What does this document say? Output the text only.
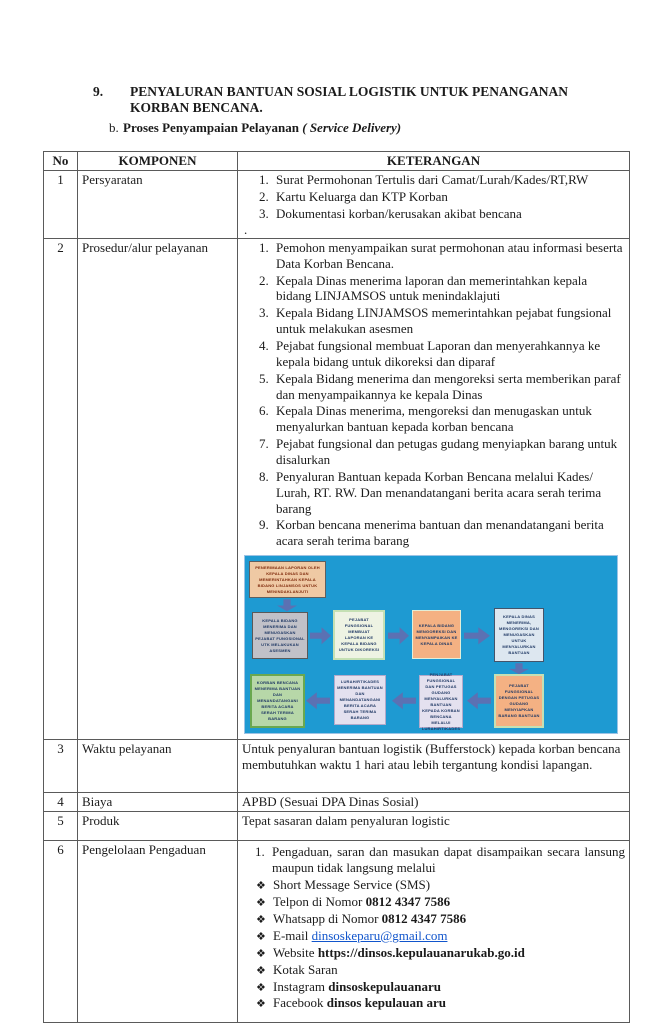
9.	PENYALURAN BANTUAN SOSIAL LOGISTIK UNTUK PENANGANAN
KORBAN BENCANA.
b. Proses Penyampaian Pelayanan ( Service Delivery)
No	KOMPONEN	KETERANGAN
1	Persyaratan	
1.Surat Permohonan Tertulis dari Camat/Lurah/Kades/RT,RW
2. Kartu Keluarga dan KTP Korban
3. Dokumentasi korban/kerusakan akibat bencana
.

2	Prosedur/alur pelayanan	
1.Pemohon menyampaikan surat permohonan atau informasi beserta Data Korban Bencana.
2. Kepala Dinas menerima laporan dan memerintahkan kepala bidang LINJAMSOS untuk menindaklajuti
3. Kepala Bidang LINJAMSOS memerintahkan pejabat fungsional untuk melakukan asesmen
4. Pejabat fungsional membuat Laporan dan menyerahkannya ke kepala bidang untuk dikoreksi dan diparaf
5. Kepala Bidang menerima dan mengoreksi serta memberikan paraf dan menyampaikannya ke kepala Dinas
6. Kepala Dinas menerima, mengoreksi dan menugaskan untuk menyalurkan bantuan kepada korban bencana
7. Pejabat fungsional dan petugas gudang menyiapkan barang untuk disalurkan
8. Penyaluran Bantuan kepada Korban Bencana melalui Kades/ Lurah, RT. RW. Dan menandatangani berita acara serah terima barang
9. Korban bencana menerima bantuan dan menandatangani berita acara serah terima barang
PENERIMAAN LAPORAN OLEH KEPALA DINAS DAN MEMERINTAHKAN KEPALA BIDANG LINJAMSOS UNTUK MENINDAKLANJUTI
KEPALA BIDANG MENERIMA DAN MENUGASKAN PEJABAT FUNGSIONAL UTK MELAKUKAN ASESMEN
PEJABAT FUNGSIONAL MEMBUAT LAPORAN KE KEPALA BIDANG UNTUK DIKOREKSI
KEPALA BIDANG MENGOREKSI DAN MENYAMPAIKAN KE KEPALA DINAS
KEPALA DINAS MENERIMA, MENGOREKSI DAN MENUGASKAN UNTUK MENYALURKAN BANTUAN
PEJABAT FUNGSIONAL DENGAN PETUGAS GUDANG MENYIAPKAN BARANG BANTUAN
PENJABAT FUNGSIONAL DAN PETUGAS GUDANG MENYALURKAN BANTUAN KEPADA KORBAN BENCANA MELALUI LURAH/RT/KADES
LURAH/RT/KADES MENERIMA BANTUAN DAN MENANDATANGANI BERITA ACARA SERAH TERIMA BARANG
KORBAN BENCANA MENERIMA BANTUAN DAN MENANDATANGANI BERITA ACARA SERAH TERIMA BARANG

3	Waktu pelayanan	Untuk penyaluran bantuan logistik (Bufferstock) kepada korban bencana membutuhkan waktu 1 hari atau lebih tergantung kondisi lapangan.

4	Biaya	APBD (Sesuai DPA Dinas Sosial)

5	Produk	Tepat sasaran dalam penyaluran logistic

6	Pengelolaan Pengaduan	
1.Pengaduan, saran dan masukan dapat disampaikan secara lansung maupun tidak langsung melalui
❖ Short Message Service (SMS)
❖ Telpon di Nomor 0812 4347 7586
❖ Whatsapp di Nomor 0812 4347 7586
❖ E-mail dinsoskeparu@gmail.com
❖ Website https://dinsos.kepulauanarukab.go.id
❖ Kotak Saran
❖ Instagram dinsoskepulauanaru
❖ Facebook dinsos kepulauan aru
